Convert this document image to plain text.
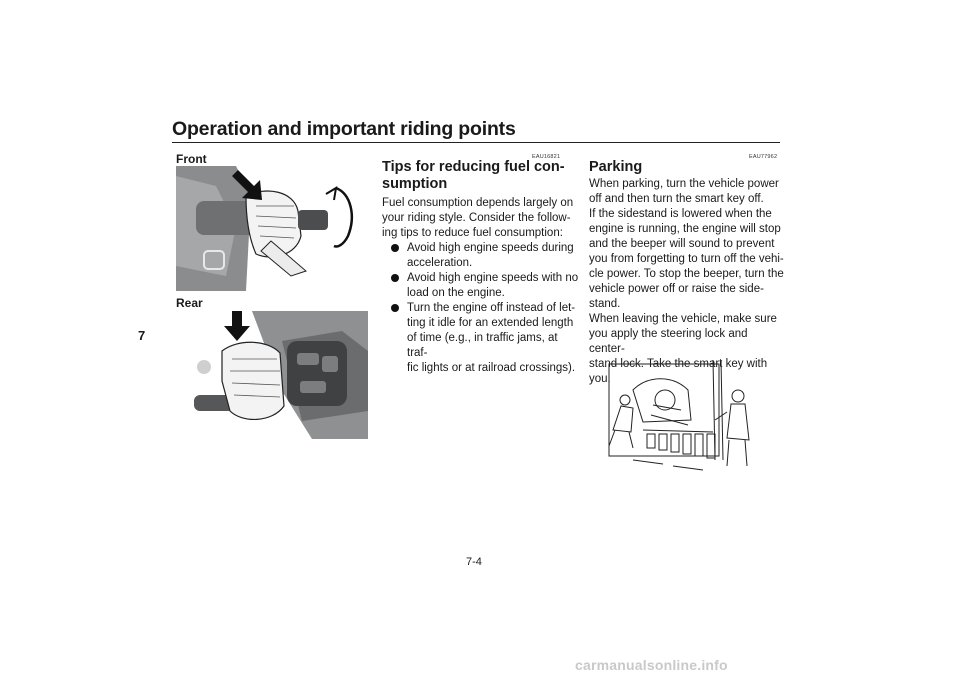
Operation and important riding points
7
Front
Rear
EAU16821
Tips for reducing fuel con-
sumption
Fuel consumption depends largely on
your riding style. Consider the follow-
ing tips to reduce fuel consumption:
Avoid high engine speeds during
acceleration.
Avoid high engine speeds with no
load on the engine.
Turn the engine off instead of let-
ting it idle for an extended length
of time (e.g., in traffic jams, at traf-
fic lights or at railroad crossings).
EAU77962
Parking
When parking, turn the vehicle power
off and then turn the smart key off.
If the sidestand is lowered when the
engine is running, the engine will stop
and the beeper will sound to prevent
you from forgetting to turn off the vehi-
cle power. To stop the beeper, turn the
vehicle power off or raise the side-
stand.
When leaving the vehicle, make sure
you apply the steering lock and center-
stand lock. Take the smart key with
you.
7-4
carmanualsonline.info
